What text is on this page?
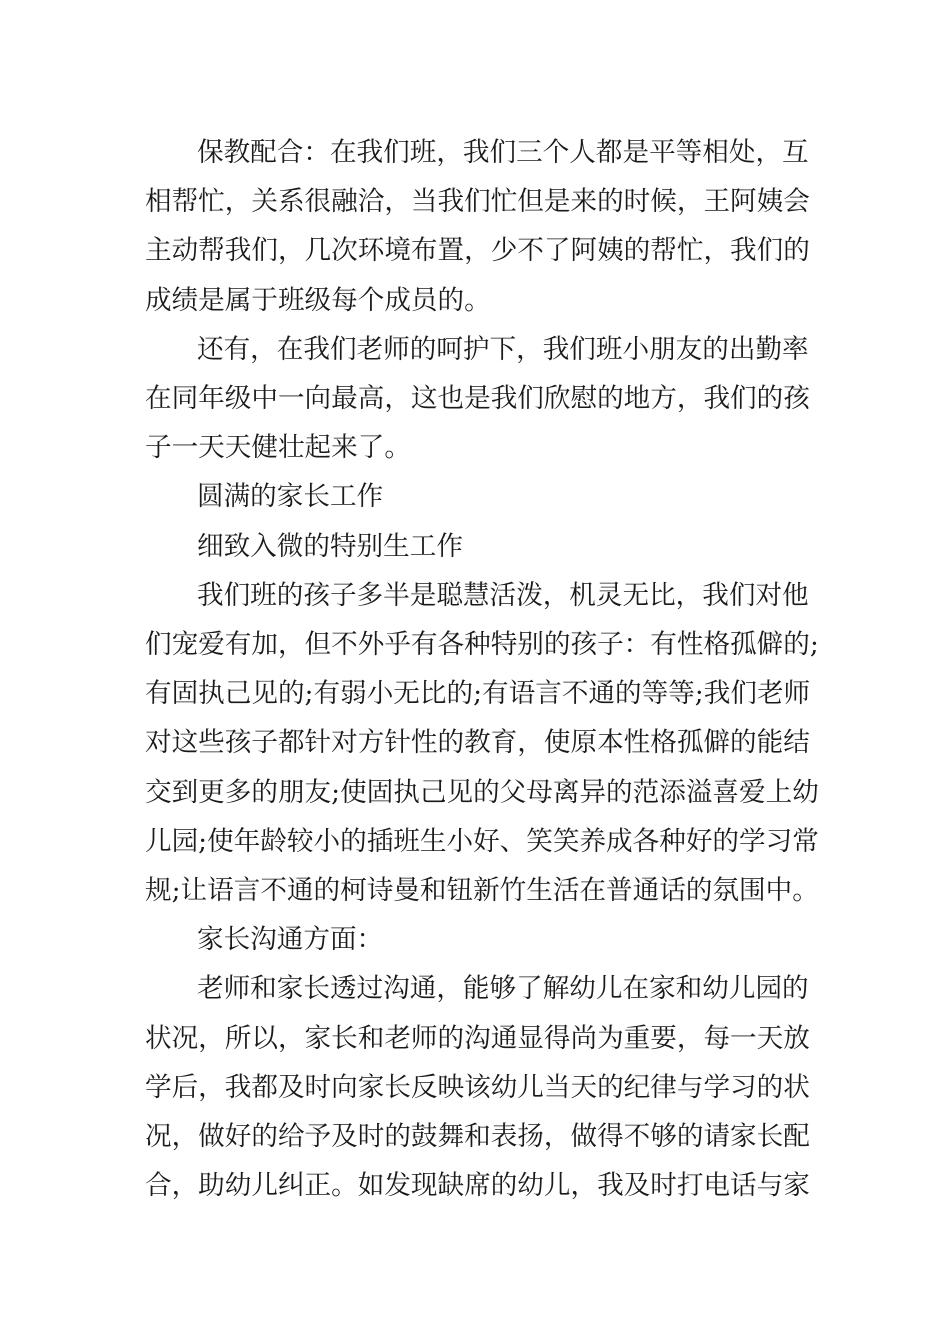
保教配合：在我们班，我们三个人都是平等相处，互
相帮忙，关系很融洽，当我们忙但是来的时候，王阿姨会
主动帮我们，几次环境布置，少不了阿姨的帮忙，我们的
成绩是属于班级每个成员的。
还有，在我们老师的呵护下，我们班小朋友的出勤率
在同年级中一向最高，这也是我们欣慰的地方，我们的孩
子一天天健壮起来了。
圆满的家长工作
细致入微的特别生工作
我们班的孩子多半是聪慧活泼，机灵无比，我们对他
们宠爱有加，但不外乎有各种特别的孩子：有性格孤僻的;
有固执己见的;有弱小无比的;有语言不通的等等;我们老师
对这些孩子都针对方针性的教育，使原本性格孤僻的能结
交到更多的朋友;使固执己见的父母离异的范添溢喜爱上幼
儿园;使年龄较小的插班生小好、笑笑养成各种好的学习常
规;让语言不通的柯诗曼和钮新竹生活在普通话的氛围中。
家长沟通方面：
老师和家长透过沟通，能够了解幼儿在家和幼儿园的
状况，所以，家长和老师的沟通显得尚为重要，每一天放
学后，我都及时向家长反映该幼儿当天的纪律与学习的状
况，做好的给予及时的鼓舞和表扬，做得不够的请家长配
合，助幼儿纠正。如发现缺席的幼儿，我及时打电话与家
